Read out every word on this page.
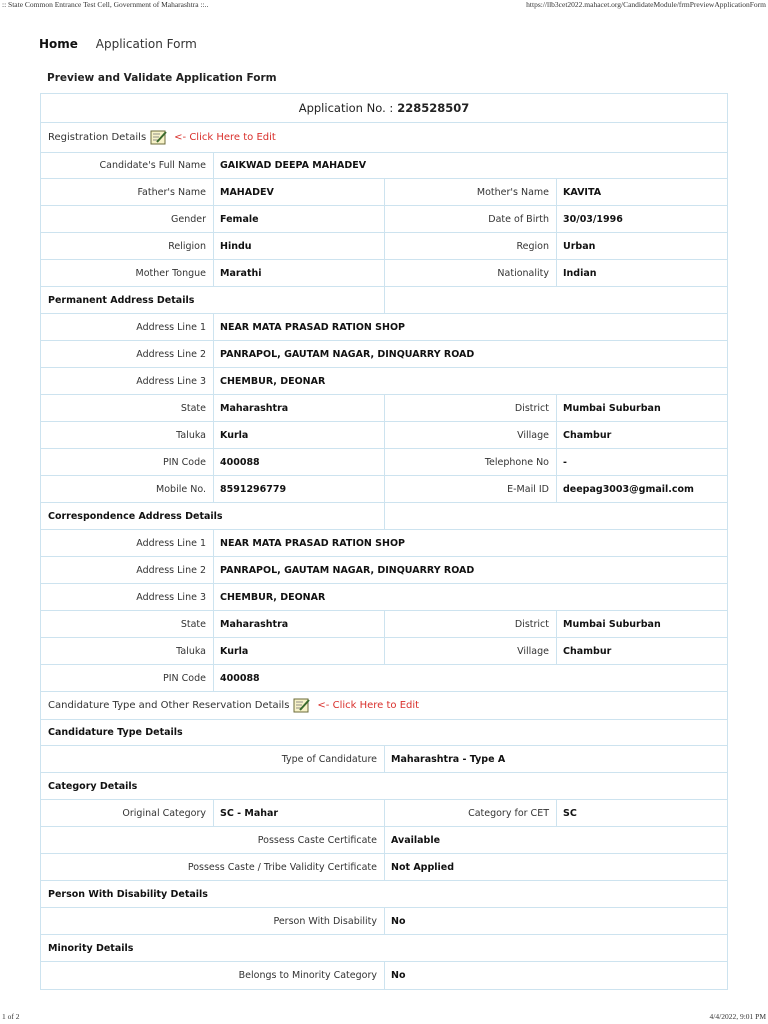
:: State Common Entrance Test Cell, Government of Maharashtra ::..	https://llb3cet2022.mahacet.org/CandidateModule/frmPreviewApplicationForm
Home Application Form
Preview and Validate Application Form
Application No. : 228528507
Registration Details	<- Click Here to Edit
Candidate's Full Name	GAIKWAD DEEPA MAHADEV
Father's Name	MAHADEV	Mother's Name	KAVITA
Gender	Female	Date of Birth	30/03/1996
Religion	Hindu	Region	Urban
Mother Tongue	Marathi	Nationality	Indian
Permanent Address Details
Address Line 1	NEAR MATA PRASAD RATION SHOP
Address Line 2	PANRAPOL, GAUTAM NAGAR, DINQUARRY ROAD
Address Line 3	CHEMBUR, DEONAR
State	Maharashtra	District	Mumbai Suburban
Taluka	Kurla	Village	Chambur
PIN Code	400088	Telephone No	-
Mobile No.	8591296779	E-Mail ID	deepag3003@gmail.com
Correspondence Address Details
Address Line 1	NEAR MATA PRASAD RATION SHOP
Address Line 2	PANRAPOL, GAUTAM NAGAR, DINQUARRY ROAD
Address Line 3	CHEMBUR, DEONAR
State	Maharashtra	District	Mumbai Suburban
Taluka	Kurla	Village	Chambur
PIN Code	400088
Candidature Type and Other Reservation Details	<- Click Here to Edit
Candidature Type Details
Type of Candidature	Maharashtra - Type A
Category Details
Original Category	SC - Mahar	Category for CET	SC
Possess Caste Certificate	Available
Possess Caste / Tribe Validity Certificate	Not Applied
Person With Disability Details
Person With Disability	No
Minority Details
Belongs to Minority Category	No
1 of 2	4/4/2022, 9:01 PM
